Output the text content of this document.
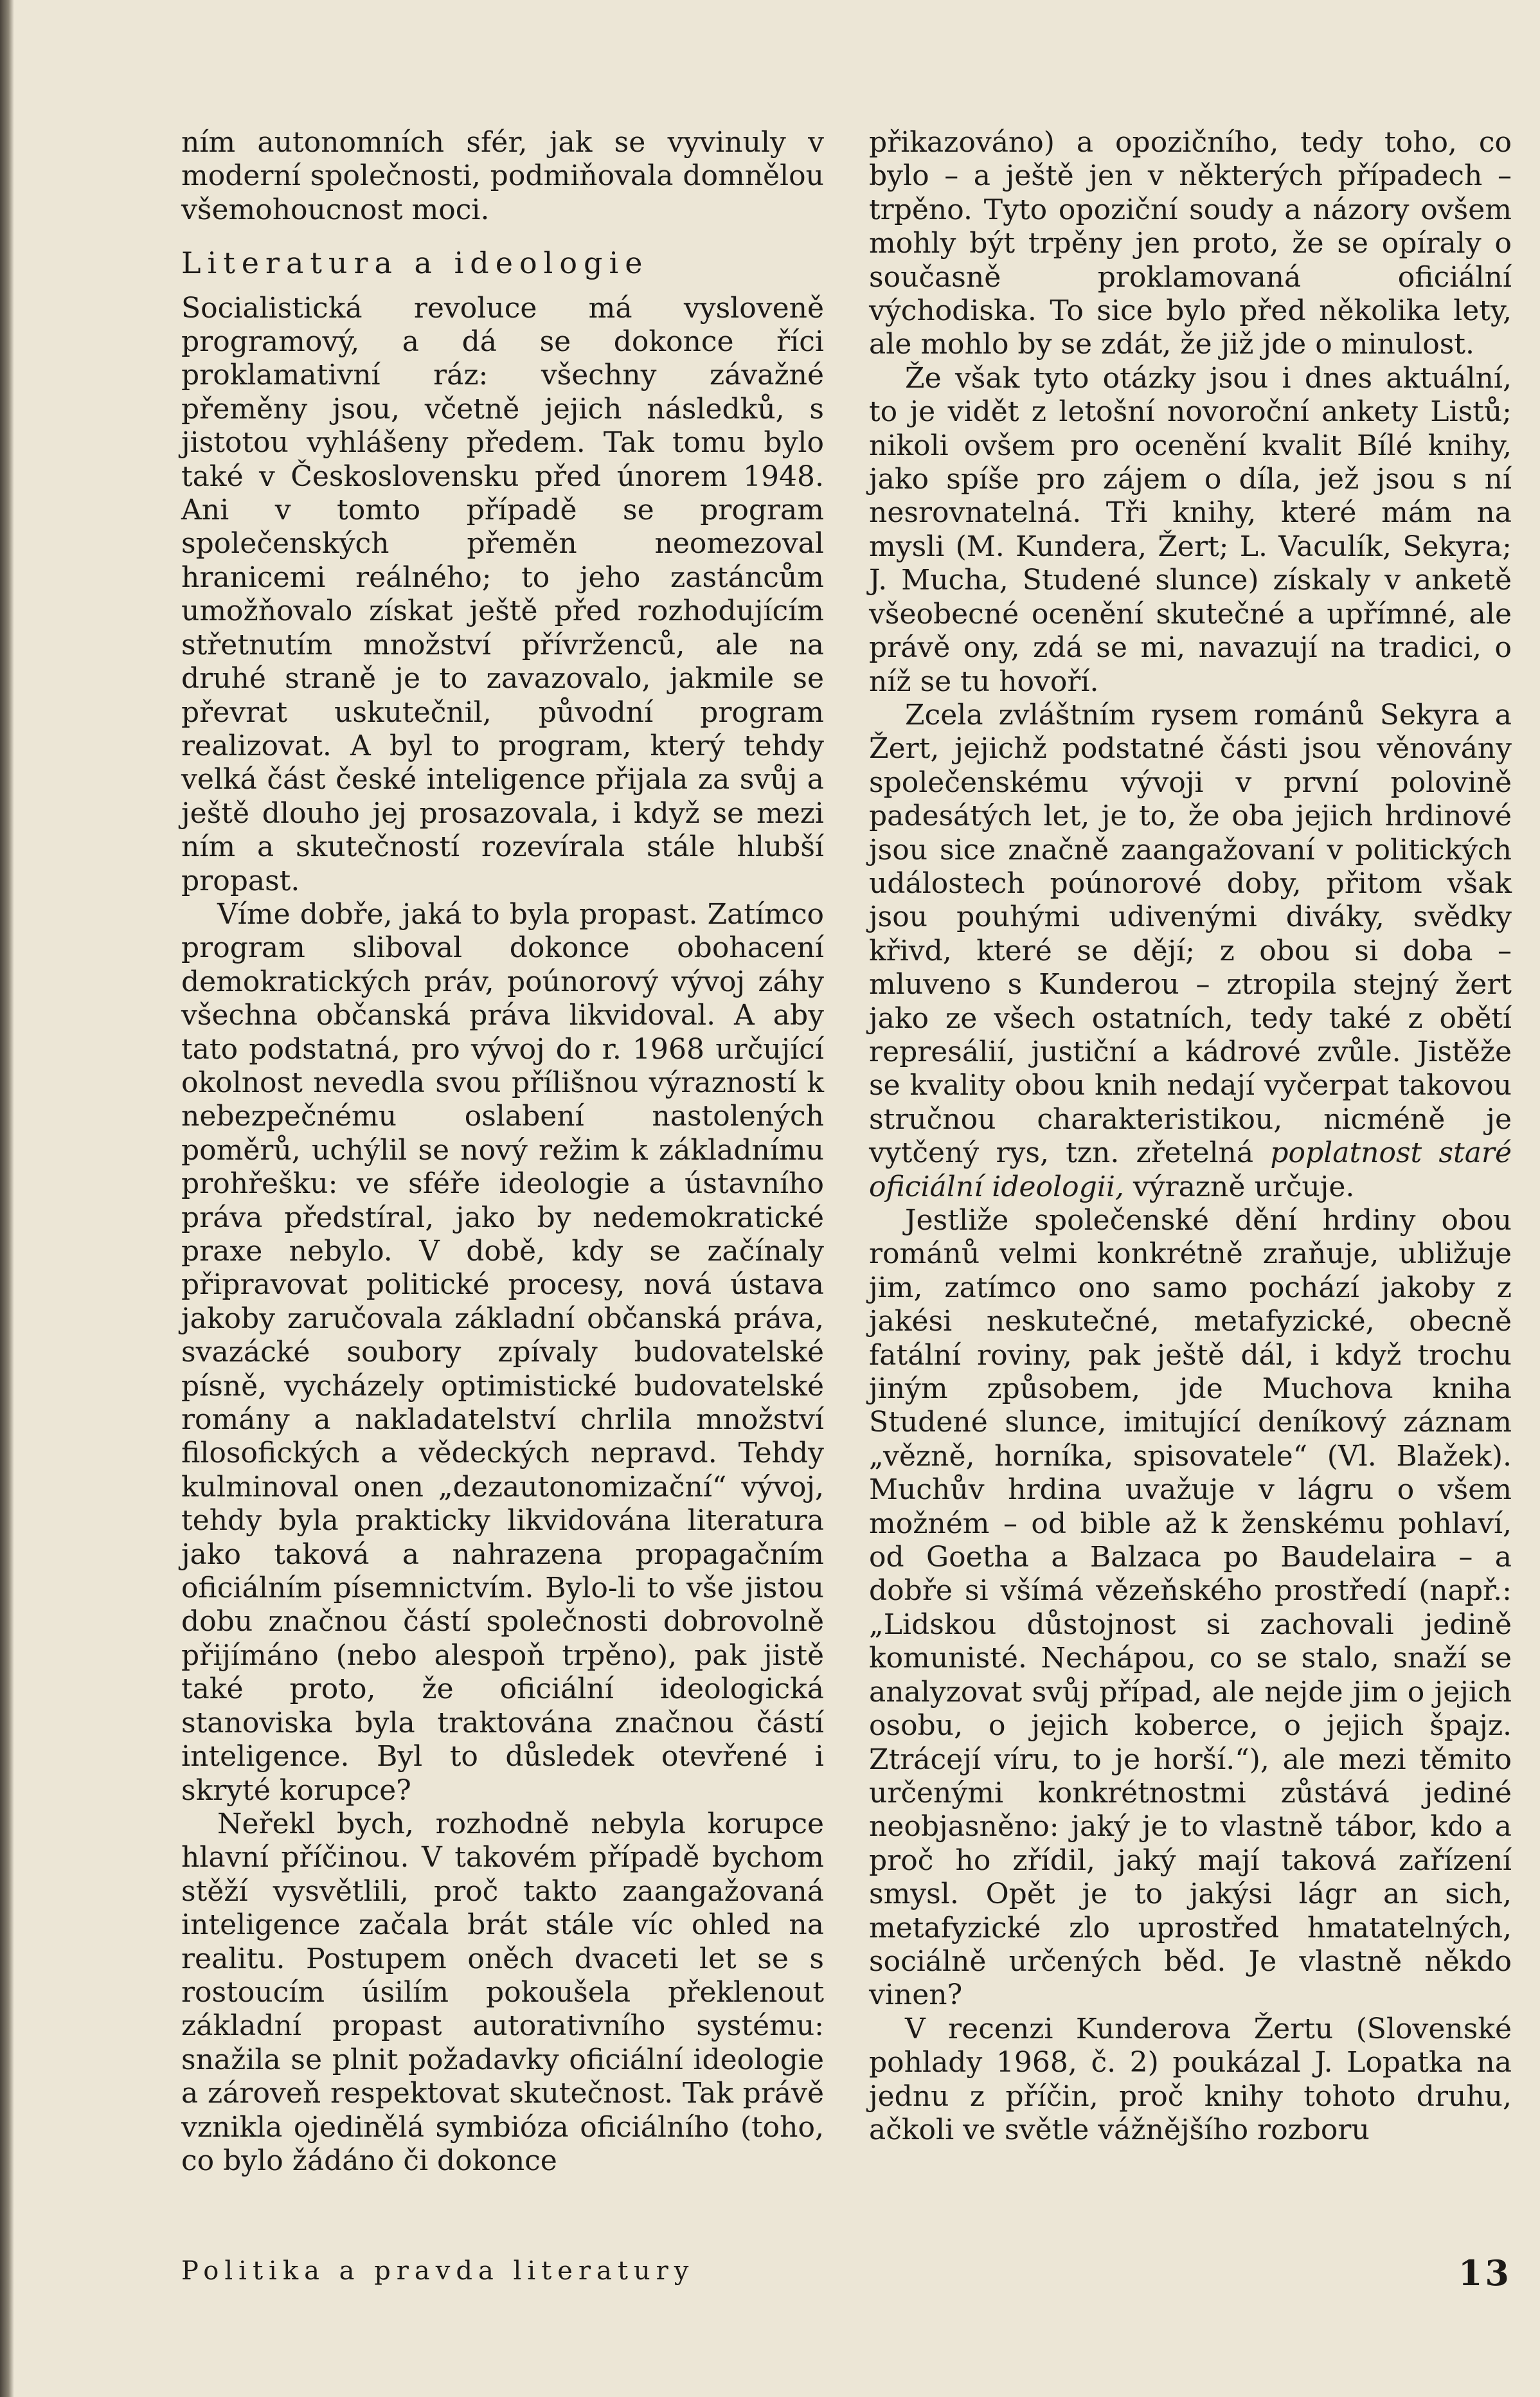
ním autonomních sfér, jak se vyvinuly v moderní společnosti, podmiňovala domnělou všemohoucnost moci.

Literatura a ideologie

Socialistická revoluce má vysloveně programový, a dá se dokonce říci proklamativní ráz: všechny závažné přeměny jsou, včetně jejich následků, s jistotou vyhlášeny předem. Tak tomu bylo také v Československu před únorem 1948. Ani v tomto případě se program společenských přeměn neomezoval hranicemi reálného; to jeho zastáncům umožňovalo získat ještě před rozhodujícím střetnutím množství přívrženců, ale na druhé straně je to zavazovalo, jakmile se převrat uskutečnil, původní program realizovat. A byl to program, který tehdy velká část české inteligence přijala za svůj a ještě dlouho jej prosazovala, i když se mezi ním a skutečností rozevírala stále hlubší propast.

Víme dobře, jaká to byla propast. Zatímco program sliboval dokonce obohacení demokratických práv, poúnorový vývoj záhy všechna občanská práva likvidoval. A aby tato podstatná, pro vývoj do r. 1968 určující okolnost nevedla svou přílišnou výrazností k nebezpečnému oslabení nastolených poměrů, uchýlil se nový režim k základnímu prohřešku: ve sféře ideologie a ústavního práva předstíral, jako by nedemokratické praxe nebylo. V době, kdy se začínaly připravovat politické procesy, nová ústava jakoby zaručovala základní občanská práva, svazácké soubory zpívaly budovatelské písně, vycházely optimistické budovatelské romány a nakladatelství chrlila množství filosofických a vědeckých nepravd. Tehdy kulminoval onen „dezautonomizační“ vývoj, tehdy byla prakticky likvidována literatura jako taková a nahrazena propagačním oficiálním písemnictvím. Bylo-li to vše jistou dobu značnou částí společnosti dobrovolně přijímáno (nebo alespoň trpěno), pak jistě také proto, že oficiální ideologická stanoviska byla traktována značnou částí inteligence. Byl to důsledek otevřené i skryté korupce?

Neřekl bych, rozhodně nebyla korupce hlavní příčinou. V takovém případě bychom stěží vysvětlili, proč takto zaangažovaná inteligence začala brát stále víc ohled na realitu. Postupem oněch dvaceti let se s rostoucím úsilím pokoušela překlenout základní propast autorativního systému: snažila se plnit požadavky oficiální ideologie a zároveň respektovat skutečnost. Tak právě vznikla ojedinělá symbióza oficiálního (toho, co bylo žádáno či dokonce

přikazováno) a opozičního, tedy toho, co bylo – a ještě jen v některých případech – trpěno. Tyto opoziční soudy a názory ovšem mohly být trpěny jen proto, že se opíraly o současně proklamovaná oficiální východiska. To sice bylo před několika lety, ale mohlo by se zdát, že již jde o minulost.

Že však tyto otázky jsou i dnes aktuální, to je vidět z letošní novoroční ankety Listů; nikoli ovšem pro ocenění kvalit Bílé knihy, jako spíše pro zájem o díla, jež jsou s ní nesrovnatelná. Tři knihy, které mám na mysli (M. Kundera, Žert; L. Vaculík, Sekyra; J. Mucha, Studené slunce) získaly v anketě všeobecné ocenění skutečné a upřímné, ale právě ony, zdá se mi, navazují na tradici, o níž se tu hovoří.

Zcela zvláštním rysem románů Sekyra a Žert, jejichž podstatné části jsou věnovány společenskému vývoji v první polovině padesátých let, je to, že oba jejich hrdinové jsou sice značně zaangažovaní v politických událostech poúnorové doby, přitom však jsou pouhými udivenými diváky, svědky křivd, které se dějí; z obou si doba – mluveno s Kunderou – ztropila stejný žert jako ze všech ostatních, tedy také z obětí represálií, justiční a kádrové zvůle. Jistěže se kvality obou knih nedají vyčerpat takovou stručnou charakteristikou, nicméně je vytčený rys, tzn. zřetelná poplatnost staré oficiální ideologii, výrazně určuje.

Jestliže společenské dění hrdiny obou románů velmi konkrétně zraňuje, ubližuje jim, zatímco ono samo pochází jakoby z jakési neskutečné, metafyzické, obecně fatální roviny, pak ještě dál, i když trochu jiným způsobem, jde Muchova kniha Studené slunce, imitující deníkový záznam „vězně, horníka, spisovatele“ (Vl. Blažek). Muchův hrdina uvažuje v lágru o všem možném – od bible až k ženskému pohlaví, od Goetha a Balzaca po Baudelaira – a dobře si všímá vězeňského prostředí (např.: „Lidskou důstojnost si zachovali jedině komunisté. Nechápou, co se stalo, snaží se analyzovat svůj případ, ale nejde jim o jejich osobu, o jejich koberce, o jejich špajz. Ztrácejí víru, to je horší.“), ale mezi těmito určenými konkrétnostmi zůstává jediné neobjasněno: jaký je to vlastně tábor, kdo a proč ho zřídil, jaký mají taková zařízení smysl. Opět je to jakýsi lágr an sich, metafyzické zlo uprostřed hmatatelných, sociálně určených běd. Je vlastně někdo vinen?

V recenzi Kunderova Žertu (Slovenské pohlady 1968, č. 2) poukázal J. Lopatka na jednu z příčin, proč knihy tohoto druhu, ačkoli ve světle vážnějšího rozboru

Politika a pravda literatury	13
